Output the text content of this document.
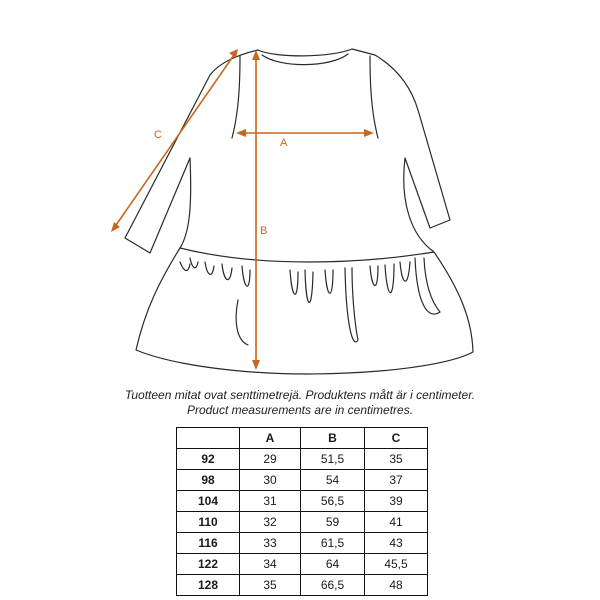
A
B
C
Tuotteen mitat ovat senttimetrejä. Produktens mått är i centimeter.
Product measurements are in centimetres.
	A	B	C
92	29	51,5	35
98	30	54	37
104	31	56,5	39
110	32	59	41
116	33	61,5	43
122	34	64	45,5
128	35	66,5	48
